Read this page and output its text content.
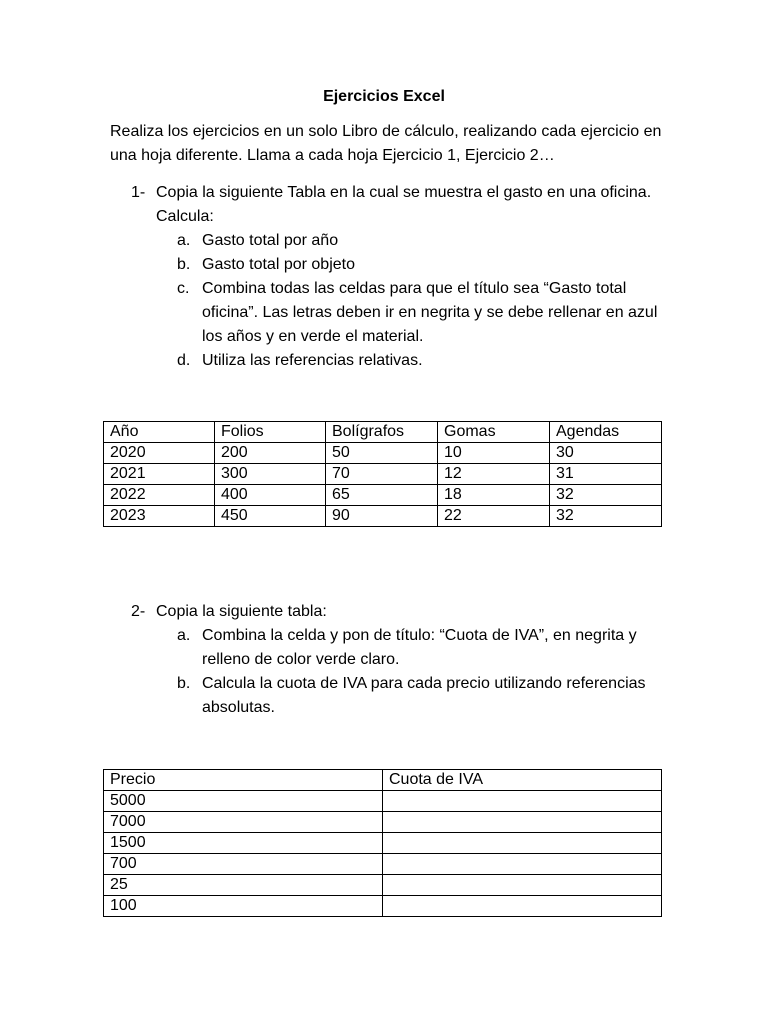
Ejercicios Excel

Realiza los ejercicios en un solo Libro de cálculo, realizando cada ejercicio en una hoja diferente. Llama a cada hoja Ejercicio 1, Ejercicio 2…

1- Copia la siguiente Tabla en la cual se muestra el gasto en una oficina. Calcula:

a. Gasto total por año
b. Gasto total por objeto
c. Combina todas las celdas para que el título sea “Gasto total oficina”. Las letras deben ir en negrita y se debe rellenar en azul los años y en verde el material.
d. Utiliza las referencias relativas.
Año	Folios	Bolígrafos	Gomas	Agendas
2020	200	50	10	30
2021	300	70	12	31
2022	400	65	18	32
2023	450	90	22	32
2- Copia la siguiente tabla:

a. Combina la celda y pon de título: “Cuota de IVA”, en negrita y relleno de color verde claro.
b. Calcula la cuota de IVA para cada precio utilizando referencias absolutas.
Precio	Cuota de IVA
5000	
7000	
1500	
700	
25	
100	
